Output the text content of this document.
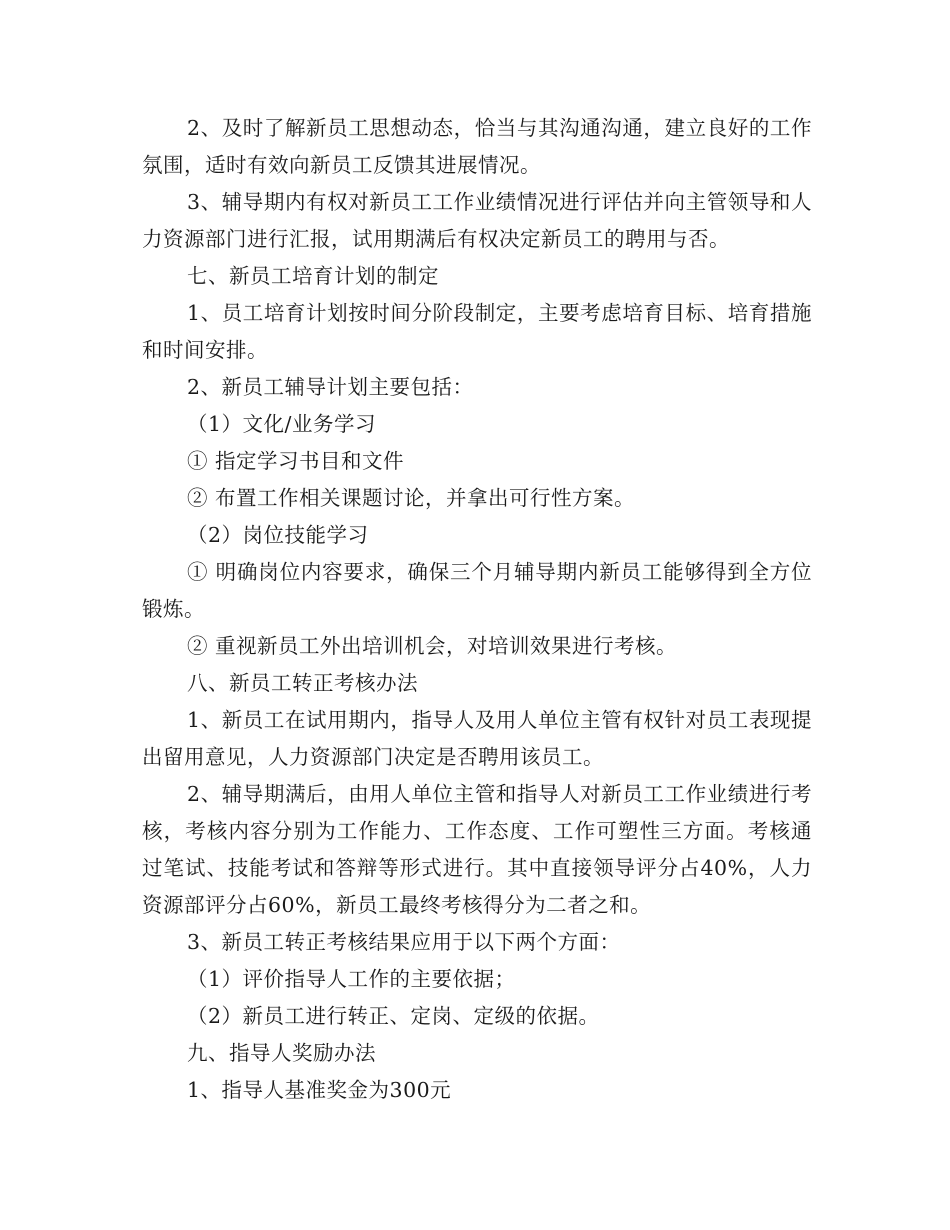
2、及时了解新员工思想动态，恰当与其沟通沟通，建立良好的工作氛围，适时有效向新员工反馈其进展情况。

3、辅导期内有权对新员工工作业绩情况进行评估并向主管领导和人力资源部门进行汇报，试用期满后有权决定新员工的聘用与否。

七、新员工培育计划的制定

1、员工培育计划按时间分阶段制定，主要考虑培育目标、培育措施和时间安排。

2、新员工辅导计划主要包括：

（1）文化/业务学习

① 指定学习书目和文件

② 布置工作相关课题讨论，并拿出可行性方案。

（2）岗位技能学习

① 明确岗位内容要求，确保三个月辅导期内新员工能够得到全方位锻炼。

② 重视新员工外出培训机会，对培训效果进行考核。

八、新员工转正考核办法

1、新员工在试用期内，指导人及用人单位主管有权针对员工表现提出留用意见，人力资源部门决定是否聘用该员工。

2、辅导期满后，由用人单位主管和指导人对新员工工作业绩进行考核，考核内容分别为工作能力、工作态度、工作可塑性三方面。考核通过笔试、技能考试和答辩等形式进行。其中直接领导评分占40%，人力资源部评分占60%，新员工最终考核得分为二者之和。

3、新员工转正考核结果应用于以下两个方面：

（1）评价指导人工作的主要依据；

（2）新员工进行转正、定岗、定级的依据。

九、指导人奖励办法

1、指导人基准奖金为300元
